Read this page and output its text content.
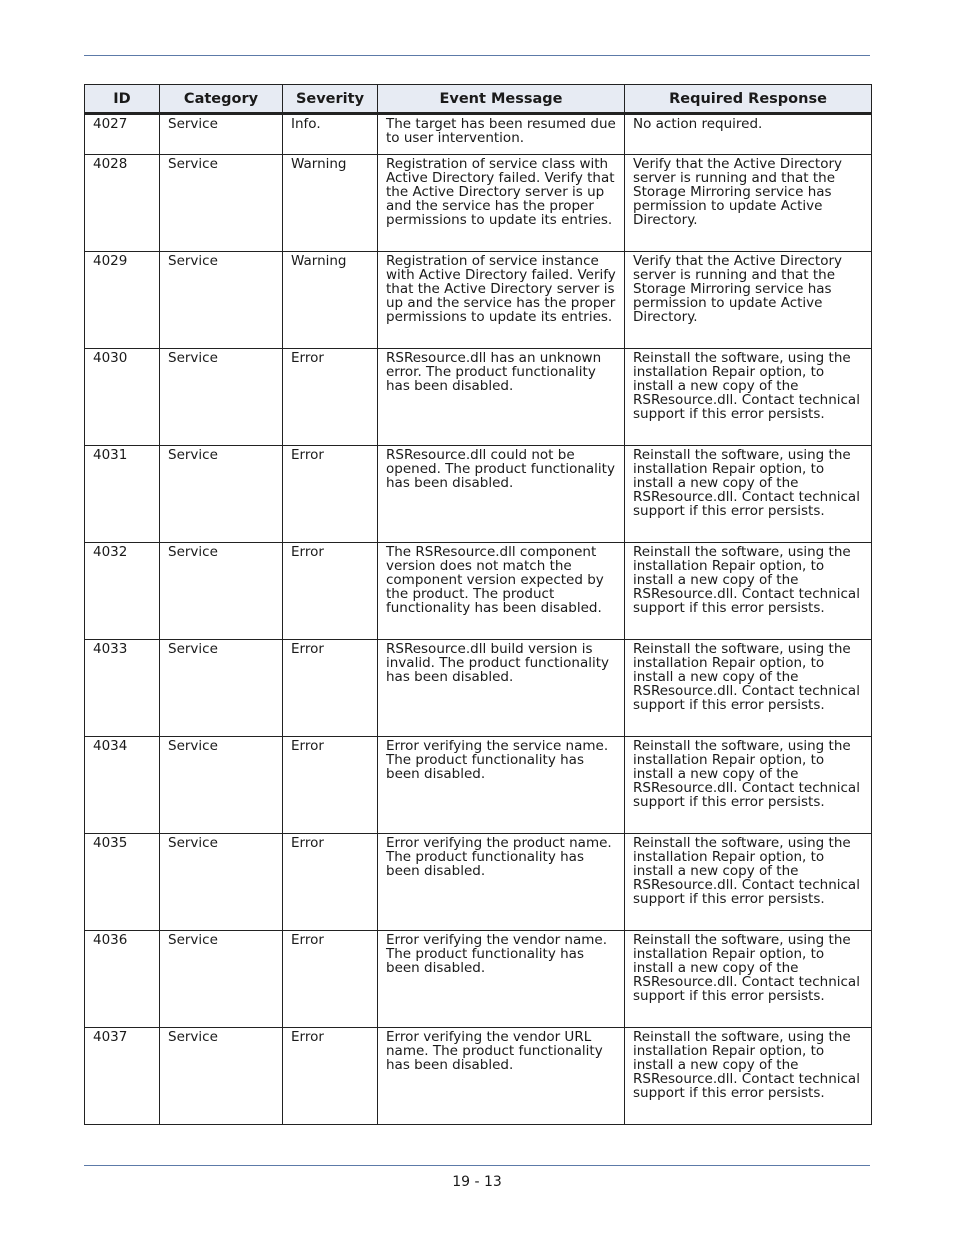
ID	Category	Severity	Event Message	Required Response
4027	Service	Info.	The target has been resumed due to user intervention.	No action required.
4028	Service	Warning	Registration of service class with Active Directory failed. Verify that the Active Directory server is up and the service has the proper permissions to update its entries.	Verify that the Active Directory server is running and that the Storage Mirroring service has permission to update Active Directory.
4029	Service	Warning	Registration of service instance with Active Directory failed. Verify that the Active Directory server is up and the service has the proper permissions to update its entries.	Verify that the Active Directory server is running and that the Storage Mirroring service has permission to update Active Directory.
4030	Service	Error	RSResource.dll has an unknown error. The product functionality has been disabled.	Reinstall the software, using the installation Repair option, to install a new copy of the RSResource.dll. Contact technical support if this error persists.
4031	Service	Error	RSResource.dll could not be opened. The product functionality has been disabled.	Reinstall the software, using the installation Repair option, to install a new copy of the RSResource.dll. Contact technical support if this error persists.
4032	Service	Error	The RSResource.dll component version does not match the component version expected by the product. The product functionality has been disabled.	Reinstall the software, using the installation Repair option, to install a new copy of the RSResource.dll. Contact technical support if this error persists.
4033	Service	Error	RSResource.dll build version is invalid. The product functionality has been disabled.	Reinstall the software, using the installation Repair option, to install a new copy of the RSResource.dll. Contact technical support if this error persists.
4034	Service	Error	Error verifying the service name. The product functionality has been disabled.	Reinstall the software, using the installation Repair option, to install a new copy of the RSResource.dll. Contact technical support if this error persists.
4035	Service	Error	Error verifying the product name. The product functionality has been disabled.	Reinstall the software, using the installation Repair option, to install a new copy of the RSResource.dll. Contact technical support if this error persists.
4036	Service	Error	Error verifying the vendor name. The product functionality has been disabled.	Reinstall the software, using the installation Repair option, to install a new copy of the RSResource.dll. Contact technical support if this error persists.
4037	Service	Error	Error verifying the vendor URL name. The product functionality has been disabled.	Reinstall the software, using the installation Repair option, to install a new copy of the RSResource.dll. Contact technical support if this error persists.
19 - 13
